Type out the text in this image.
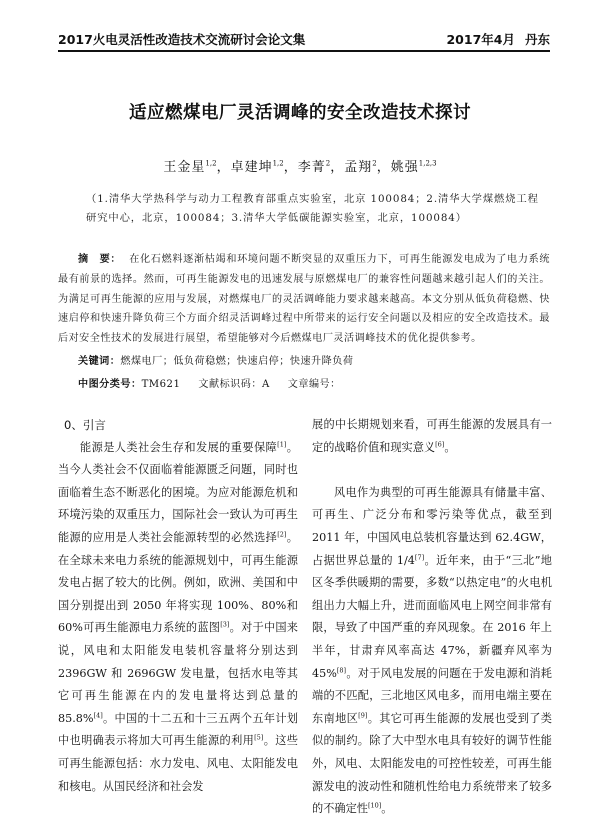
2017火电灵活性改造技术交流研讨会论文集	2017年4月 丹东
适应燃煤电厂灵活调峰的安全改造技术探讨
王金星$^{1,2}$，卓建坤$^{1,2}$，李菁$^2$，孟翔$^2$，姚强$^{1,2,3}$
（1.清华大学热科学与动力工程教育部重点实验室，北京 100084；2.清华大学煤燃烧工程研究中心，北京，100084；3.清华大学低碳能源实验室，北京，100084）
摘　要： 在化石燃料逐渐枯竭和环境问题不断突显的双重压力下，可再生能源发电成为了电力系统最有前景的选择。然而，可再生能源发电的迅速发展与原燃煤电厂的兼容性问题越来越引起人们的关注。为满足可再生能源的应用与发展，对燃煤电厂的灵活调峰能力要求越来越高。本文分别从低负荷稳燃、快速启停和快速升降负荷三个方面介绍灵活调峰过程中所带来的运行安全问题以及相应的安全改造技术。最后对安全性技术的发展进行展望，希望能够对今后燃煤电厂灵活调峰技术的优化提供参考。
关键词：燃煤电厂；低负荷稳燃；快速启停；快速升降负荷
中图分类号：TM621 文献标识码：A 文章编号：

0、引言

能源是人类社会生存和发展的重要保障[1]。当今人类社会不仅面临着能源匮乏问题，同时也面临着生态不断恶化的困境。为应对能源危机和环境污染的双重压力，国际社会一致认为可再生能源的应用是人类社会能源转型的必然选择[2]。在全球未来电力系统的能源规划中，可再生能源发电占据了较大的比例。例如，欧洲、美国和中国分别提出到 2050 年将实现 100%、80%和 60%可再生能源电力系统的蓝图[3]。对于中国来说，风电和太阳能发电装机容量将分别达到 2396GW 和 2696GW 发电量，包括水电等其它可再生能源在内的发电量将达到总量的 85.8%[4]。中国的十二五和十三五两个五年计划中也明确表示将加大可再生能源的利用[5]。这些可再生能源包括：水力发电、风电、太阳能发电和核电。从国民经济和社会发

展的中长期规划来看，可再生能源的发展具有一定的战略价值和现实意义[6]。

风电作为典型的可再生能源具有储量丰富、可再生、广泛分布和零污染等优点，截至到 2011 年，中国风电总装机容量达到 62.4GW，占据世界总量的 1/4[7]。近年来，由于“三北”地区冬季供暖期的需要，多数“以热定电”的火电机组出力大幅上升，进而面临风电上网空间非常有限，导致了中国严重的弃风现象。在 2016 年上半年，甘肃弃风率高达 47%，新疆弃风率为 45%[8]。对于风电发展的问题在于发电源和消耗端的不匹配，三北地区风电多，而用电端主要在东南地区[9]。其它可再生能源的发展也受到了类似的制约。除了大中型水电具有较好的调节性能外，风电、太阳能发电的可控性较差，可再生能源发电的波动性和随机性给电力系统带来了较多的不确定性[10]。
